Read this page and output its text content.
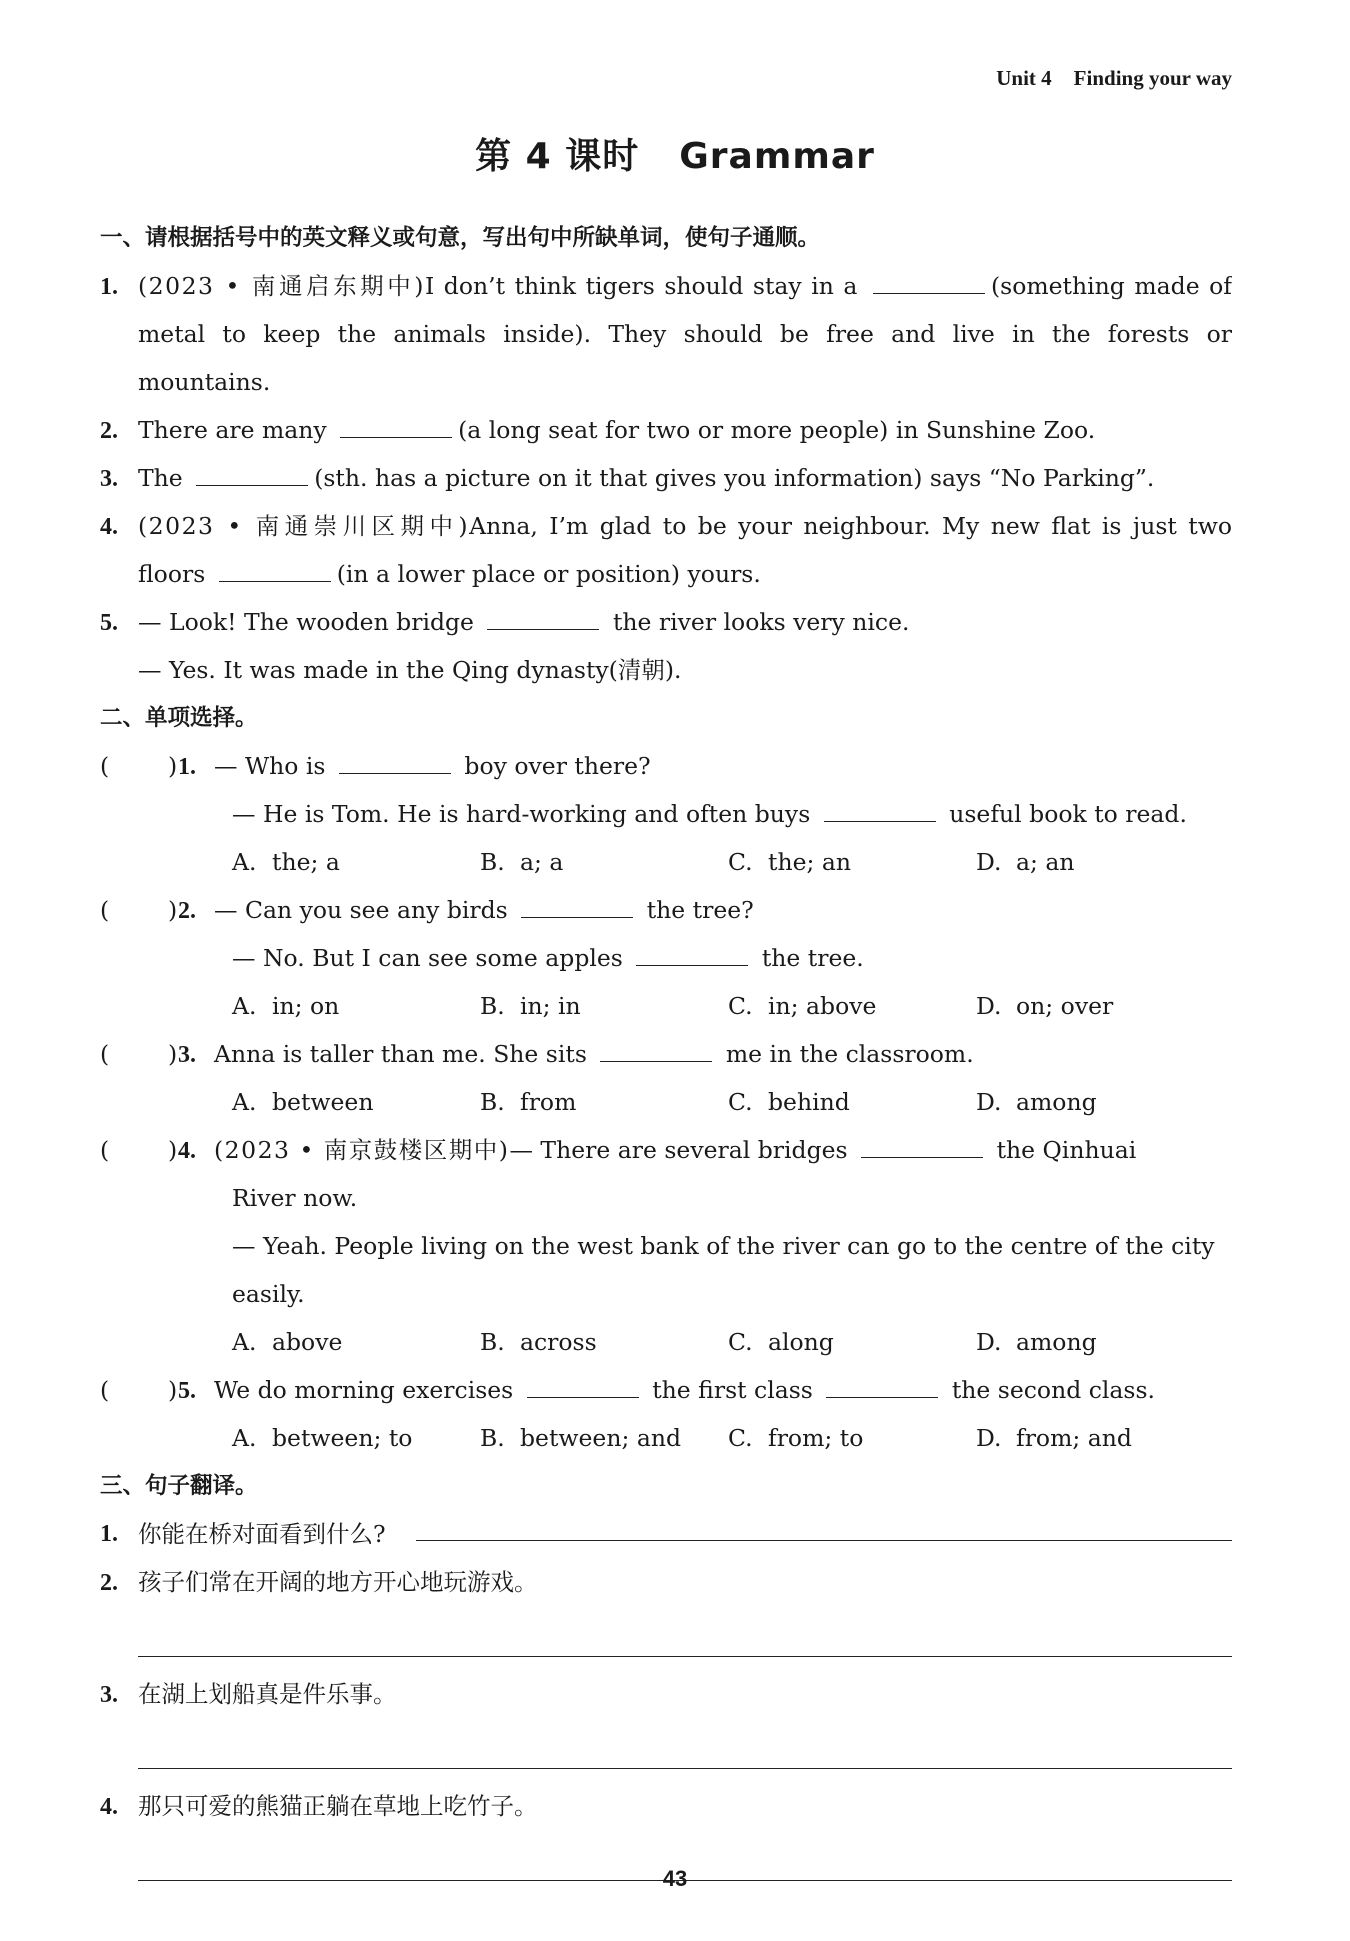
Unit 4 Finding your way
第 4 课时 Grammar
一、请根据括号中的英文释义或句意，写出句中所缺单词，使句子通顺。
1. (2023 • 南通启东期中)I don’t think tigers should stay in a	(something made of
metal to keep the animals inside). They should be free and live in the forests or
mountains.
2. There are many	(a long seat for two or more people) in Sunshine Zoo.
3. The	(sth. has a picture on it that gives you information) says “No Parking”.
4. (2023 • 南通崇川区期中)Anna, I’m glad to be your neighbour. My new flat is just two
floors	(in a lower place or position) yours.
5. — Look! The wooden bridge	the river looks very nice.
— Yes. It was made in the Qing dynasty(清朝).
二、单项选择。
(	) 1. — Who is	boy over there?
— He is Tom. He is hard-working and often buys	useful book to read.
A. the; a	B. a; a	C. the; an	D. a; an
(	) 2. — Can you see any birds	the tree?
— No. But I can see some apples	the tree.
A. in; on	B. in; in	C. in; above	D. on; over
(	) 3. Anna is taller than me. She sits	me in the classroom.
A. between	B. from	C. behind	D. among
(	) 4. (2023 • 南京鼓楼区期中)— There are several bridges	the Qinhuai
River now.
— Yeah. People living on the west bank of the river can go to the centre of the city
easily.
A. above	B. across	C. along	D. among
(	) 5. We do morning exercises	the first class	the second class.
A. between; to	B. between; and	C. from; to	D. from; and
三、句子翻译。
1. 你能在桥对面看到什么?
2. 孩子们常在开阔的地方开心地玩游戏。
3. 在湖上划船真是件乐事。
4. 那只可爱的熊猫正躺在草地上吃竹子。
43
